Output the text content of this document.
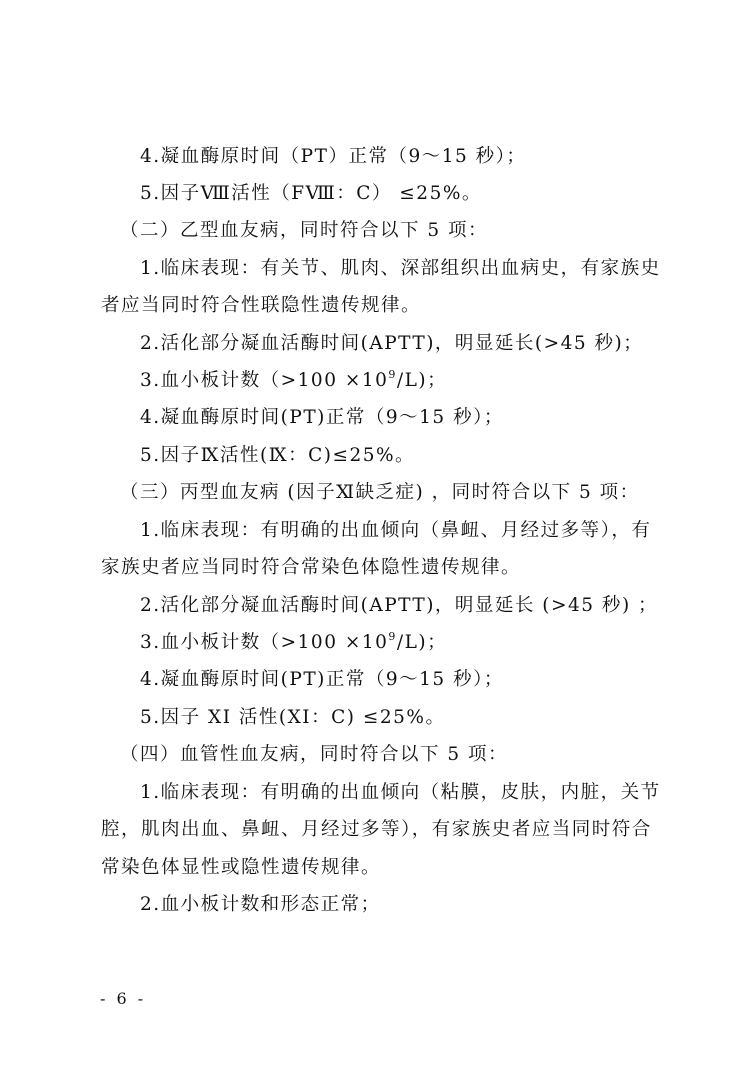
4.凝血酶原时间（PT）正常（9～15 秒）；
5.因子Ⅷ活性（FⅧ：C） ≤25%。
（二）乙型血友病，同时符合以下 5 项：
1.临床表现：有关节、肌肉、深部组织出血病史，有家族史
者应当同时符合性联隐性遗传规律。
2.活化部分凝血活酶时间(APTT)，明显延长(>45 秒)；
3.血小板计数$(>100 \times 10^9/L)$；
4.凝血酶原时间(PT)正常（9～15 秒）；
5.因子Ⅸ活性(Ⅸ：C)≤25%。
（三）丙型血友病 (因子Ⅺ缺乏症) ，同时符合以下 5 项：
1.临床表现：有明确的出血倾向（鼻衄、月经过多等），有
家族史者应当同时符合常染色体隐性遗传规律。
2.活化部分凝血活酶时间(APTT)，明显延长 (>45 秒) ；
3.血小板计数$(>100 \times 10^9/L)$；
4.凝血酶原时间(PT)正常（9～15 秒）；
5.因子 XI 活性(XI：C) ≤25%。
（四）血管性血友病，同时符合以下 5 项：
1.临床表现：有明确的出血倾向（粘膜，皮肤，内脏，关节
腔，肌肉出血、鼻衄、月经过多等），有家族史者应当同时符合
常染色体显性或隐性遗传规律。
2.血小板计数和形态正常；
- 6 -
